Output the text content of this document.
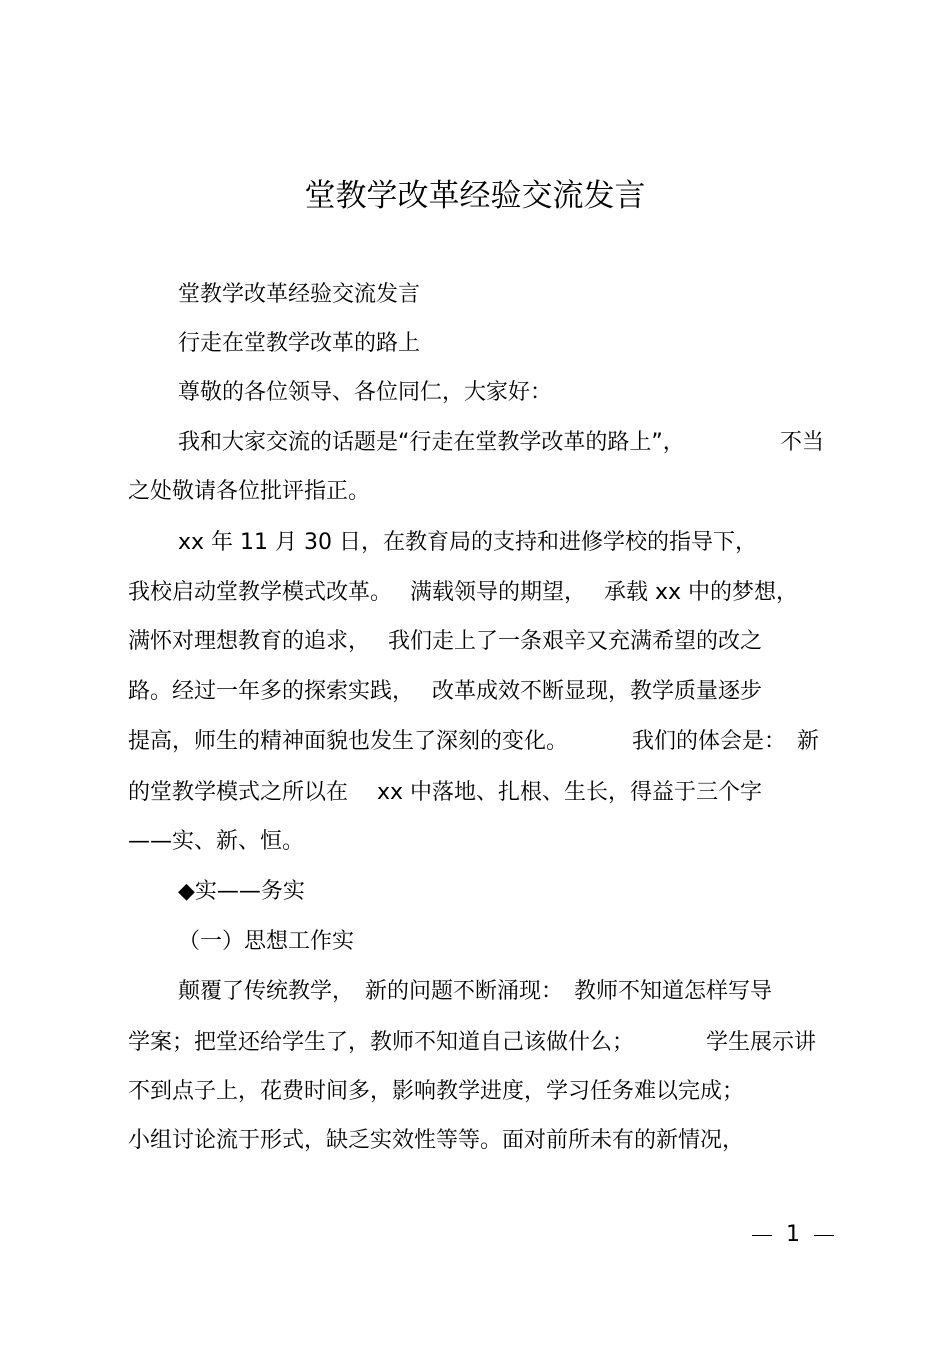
堂教学改革经验交流发言
堂教学改革经验交流发言
行走在堂教学改革的路上
尊敬的各位领导、各位同仁，大家好：
我和大家交流的话题是“行走在堂教学改革的路上”，	不当
之处敬请各位批评指正。
xx 年 11 月 30 日，在教育局的支持和进修学校的指导下，
我校启动堂教学模式改革。　 满载领导的期望，　 承载 xx 中的梦想，
满怀对理想教育的追求，　 我们走上了一条艰辛又充满希望的改之
路。经过一年多的探索实践，　 改革成效不断显现，教学质量逐步
提高，师生的精神面貌也发生了深刻的变化。	我们的体会是：　新
的堂教学模式之所以在　 xx 中落地、扎根、生长，得益于三个字
——实、新、恒。
◆实——务实
（一）思想工作实
颠覆了传统教学，　新的问题不断涌现：　教师不知道怎样写导
学案；把堂还给学生了，教师不知道自己该做什么；	学生展示讲
不到点子上，花费时间多，影响教学进度，学习任务难以完成；
小组讨论流于形式，缺乏实效性等等。面对前所未有的新情况，
1
